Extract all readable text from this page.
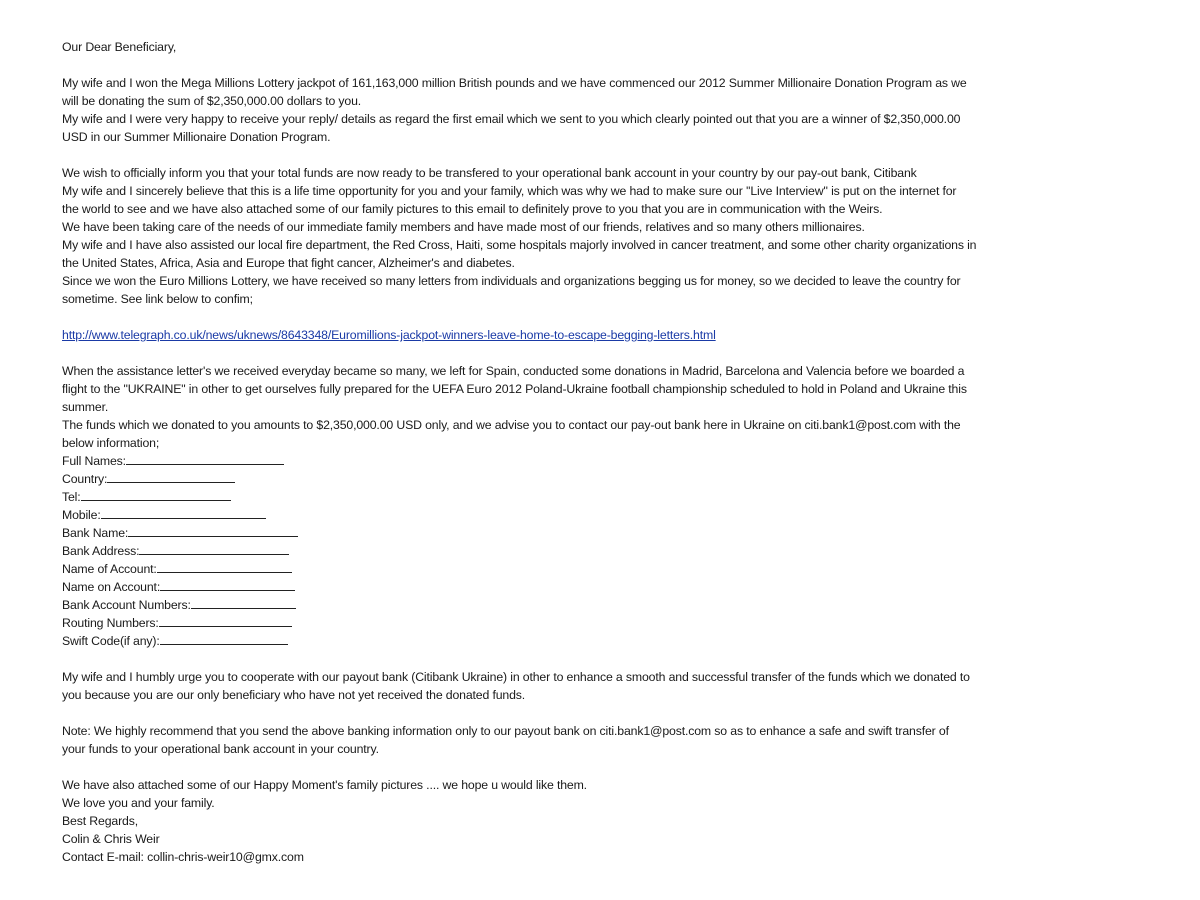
Our Dear Beneficiary,
My wife and I won the Mega Millions Lottery jackpot of 161,163,000 million British pounds and we have commenced our 2012 Summer Millionaire Donation Program as we
will be donating the sum of $2,350,000.00 dollars to you.
My wife and I were very happy to receive your reply/ details as regard the first email which we sent to you which clearly pointed out that you are a winner of $2,350,000.00
USD in our Summer Millionaire Donation Program.
We wish to officially inform you that your total funds are now ready to be transfered to your operational bank account in your country by our pay-out bank, Citibank
My wife and I sincerely believe that this is a life time opportunity for you and your family, which was why we had to make sure our ''Live Interview'' is put on the internet for
the world to see and we have also attached some of our family pictures to this email to definitely prove to you that you are in communication with the Weirs.
We have been taking care of the needs of our immediate family members and have made most of our friends, relatives and so many others millionaires.
My wife and I have also assisted our local fire department, the Red Cross, Haiti, some hospitals majorly involved in cancer treatment, and some other charity organizations in
the United States, Africa, Asia and Europe that fight cancer, Alzheimer's and diabetes.
Since we won the Euro Millions Lottery, we have received so many letters from individuals and organizations begging us for money, so we decided to leave the country for
sometime. See link below to confim;
http://www.telegraph.co.uk/news/uknews/8643348/Euromillions-jackpot-winners-leave-home-to-escape-begging-letters.html
When the assistance letter's we received everyday became so many, we left for Spain, conducted some donations in Madrid, Barcelona and Valencia before we boarded a
flight to the "UKRAINE" in other to get ourselves fully prepared for the UEFA Euro 2012 Poland-Ukraine football championship scheduled to hold in Poland and Ukraine this
summer.
The funds which we donated to you amounts to $2,350,000.00 USD only, and we advise you to contact our pay-out bank here in Ukraine on citi.bank1@post.com with the
below information;
Full Names:
Country:
Tel:
Mobile:
Bank Name:
Bank Address:
Name of Account:
Name on Account:
Bank Account Numbers:
Routing Numbers:
Swift Code(if any):
My wife and I humbly urge you to cooperate with our payout bank (Citibank Ukraine) in other to enhance a smooth and successful transfer of the funds which we donated to
you because you are our only beneficiary who have not yet received the donated funds.
Note: We highly recommend that you send the above banking information only to our payout bank on citi.bank1@post.com so as to enhance a safe and swift transfer of
your funds to your operational bank account in your country.
We have also attached some of our Happy Moment's family pictures .... we hope u would like them.
We love you and your family.
Best Regards,
Colin & Chris Weir
Contact E-mail: collin-chris-weir10@gmx.com
